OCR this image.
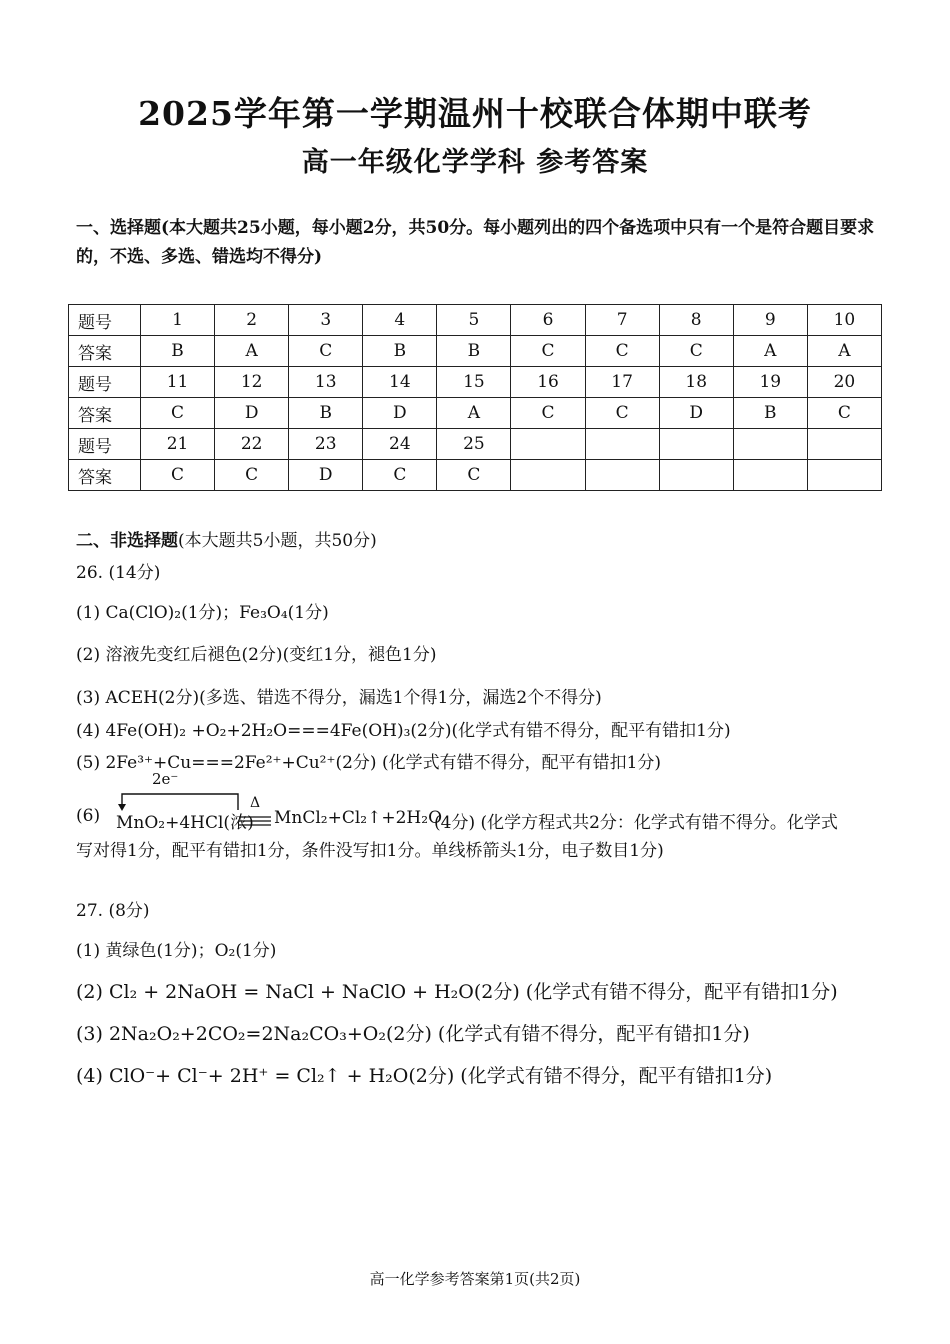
2025学年第一学期温州十校联合体期中联考
高一年级化学学科 参考答案
一、选择题(本大题共25小题，每小题2分，共50分。每小题列出的四个备选项中只有一个是符合题目要求的，不选、多选、错选均不得分)
题号	1	2	3	4	5	6	7	8	9	10
答案	B	A	C	B	B	C	C	C	A	A
题号	11	12	13	14	15	16	17	18	19	20
答案	C	D	B	D	A	C	C	D	B	C
题号	21	22	23	24	25					
答案	C	C	D	C	C					
二、非选择题(本大题共5小题，共50分)
26. (14分)
(1) Ca(ClO)₂(1分)；Fe₃O₄(1分)
(2) 溶液先变红后褪色(2分)(变红1分，褪色1分)
(3) ACEH(2分)(多选、错选不得分，漏选1个得1分，漏选2个不得分)
(4) 4Fe(OH)₂ +O₂+2H₂O===4Fe(OH)₃(2分)(化学式有错不得分，配平有错扣1分)
(5) 2Fe³⁺+Cu===2Fe²⁺+Cu²⁺(2分) (化学式有错不得分，配平有错扣1分)
(6)
2e⁻
MnO₂+4HCl(浓)
Δ
MnCl₂+Cl₂↑+2H₂O
(4分) (化学方程式共2分：化学式有错不得分。化学式
写对得1分，配平有错扣1分，条件没写扣1分。单线桥箭头1分，电子数目1分)
27. (8分)
(1) 黄绿色(1分)；O₂(1分)
(2) Cl₂ + 2NaOH = NaCl + NaClO + H₂O(2分) (化学式有错不得分，配平有错扣1分)
(3) 2Na₂O₂+2CO₂=2Na₂CO₃+O₂(2分) (化学式有错不得分，配平有错扣1分)
(4) ClO⁻+ Cl⁻+ 2H⁺ = Cl₂↑ + H₂O(2分) (化学式有错不得分，配平有错扣1分)
高一化学参考答案第1页(共2页)
